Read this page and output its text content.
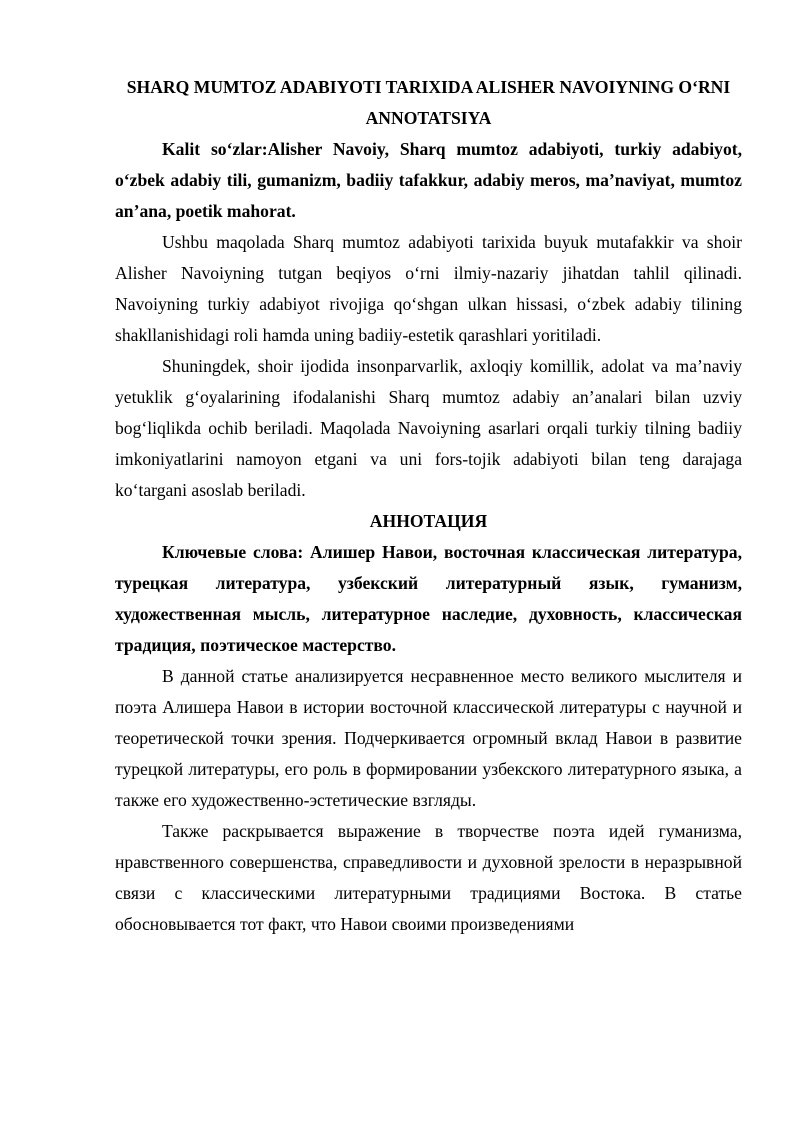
SHARQ MUMTOZ ADABIYOTI TARIXIDA ALISHER NAVOIYNING O‘RNI

ANNOTATSIYA

Kalit so‘zlar:Alisher Navoiy, Sharq mumtoz adabiyoti, turkiy adabiyot, o‘zbek adabiy tili, gumanizm, badiiy tafakkur, adabiy meros, ma’naviyat, mumtoz an’ana, poetik mahorat.

Ushbu maqolada Sharq mumtoz adabiyoti tarixida buyuk mutafakkir va shoir Alisher Navoiyning tutgan beqiyos o‘rni ilmiy-nazariy jihatdan tahlil qilinadi. Navoiyning turkiy adabiyot rivojiga qo‘shgan ulkan hissasi, o‘zbek adabiy tilining shakllanishidagi roli hamda uning badiiy-estetik qarashlari yoritiladi.

Shuningdek, shoir ijodida insonparvarlik, axloqiy komillik, adolat va ma’naviy yetuklik g‘oyalarining ifodalanishi Sharq mumtoz adabiy an’analari bilan uzviy bog‘liqlikda ochib beriladi. Maqolada Navoiyning asarlari orqali turkiy tilning badiiy imkoniyatlarini namoyon etgani va uni fors-tojik adabiyoti bilan teng darajaga ko‘targani asoslab beriladi.

АННОТАЦИЯ

Ключевые слова: Алишер Навои, восточная классическая литература, турецкая литература, узбекский литературный язык, гуманизм, художественная мысль, литературное наследие, духовность, классическая традиция, поэтическое мастерство.

В данной статье анализируется несравненное место великого мыслителя и поэта Алишера Навои в истории восточной классической литературы с научной и теоретической точки зрения. Подчеркивается огромный вклад Навои в развитие турецкой литературы, его роль в формировании узбекского литературного языка, а также его художественно-эстетические взгляды.

Также раскрывается выражение в творчестве поэта идей гуманизма, нравственного совершенства, справедливости и духовной зрелости в неразрывной связи с классическими литературными традициями Востока. В статье обосновывается тот факт, что Навои своими произведениями
